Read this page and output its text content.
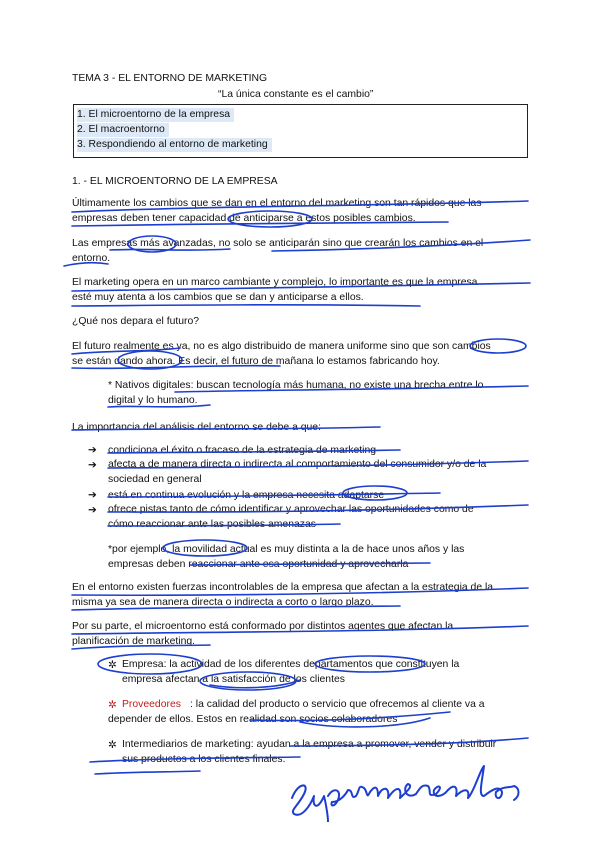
TEMA 3 - EL ENTORNO DE MARKETING
“La única constante es el cambio”
1. El microentorno de la empresa
2. El macroentorno
3. Respondiendo al entorno de marketing
1. - EL MICROENTORNO DE LA EMPRESA
Últimamente los cambios que se dan en el entorno del marketing son tan rápidos que las
empresas deben tener capacidad de anticiparse a estos posibles cambios.
Las empresas más avanzadas, no solo se anticiparán sino que crearán los cambios en el
entorno.
El marketing opera en un marco cambiante y complejo, lo importante es que la empresa
esté muy atenta a los cambios que se dan y anticiparse a ellos.
¿Qué nos depara el futuro?
El futuro realmente es ya, no es algo distribuido de manera uniforme sino que son cambios
se están dando ahora. Es decir, el futuro de mañana lo estamos fabricando hoy.
* Nativos digitales: buscan tecnología más humana, no existe una brecha entre lo
digital y lo humano.
La importancia del análisis del entorno se debe a que:
➔ condiciona el éxito o fracaso de la estrategia de marketing
➔ afecta a de manera directa o indirecta al comportamiento del consumidor y/o de la
sociedad en general
➔ está en continua evolución y la empresa necesita adaptarse
➔ ofrece pistas tanto de cómo identificar y aprovechar las oportunidades como de
cómo reaccionar ante las posibles amenazas
*por ejemplo, la movilidad actual es muy distinta a la de hace unos años y las
empresas deben reaccionar ante esa oportunidad y aprovecharla
En el entorno existen fuerzas incontrolables de la empresa que afectan a la estrategia de la
misma ya sea de manera directa o indirecta a corto o largo plazo.
Por su parte, el microentorno está conformado por distintos agentes que afectan la
planificación de marketing.
✲ Empresa: la actividad de los diferentes departamentos que constituyen la
empresa afectan a la satisfacción de los clientes
✲ Proveedores : la calidad del producto o servicio que ofrecemos al cliente va a
depender de ellos. Estos en realidad son socios colaboradores
✲ Intermediarios de marketing: ayudan a la empresa a promover, vender y distribuir
sus productos a los clientes finales.
